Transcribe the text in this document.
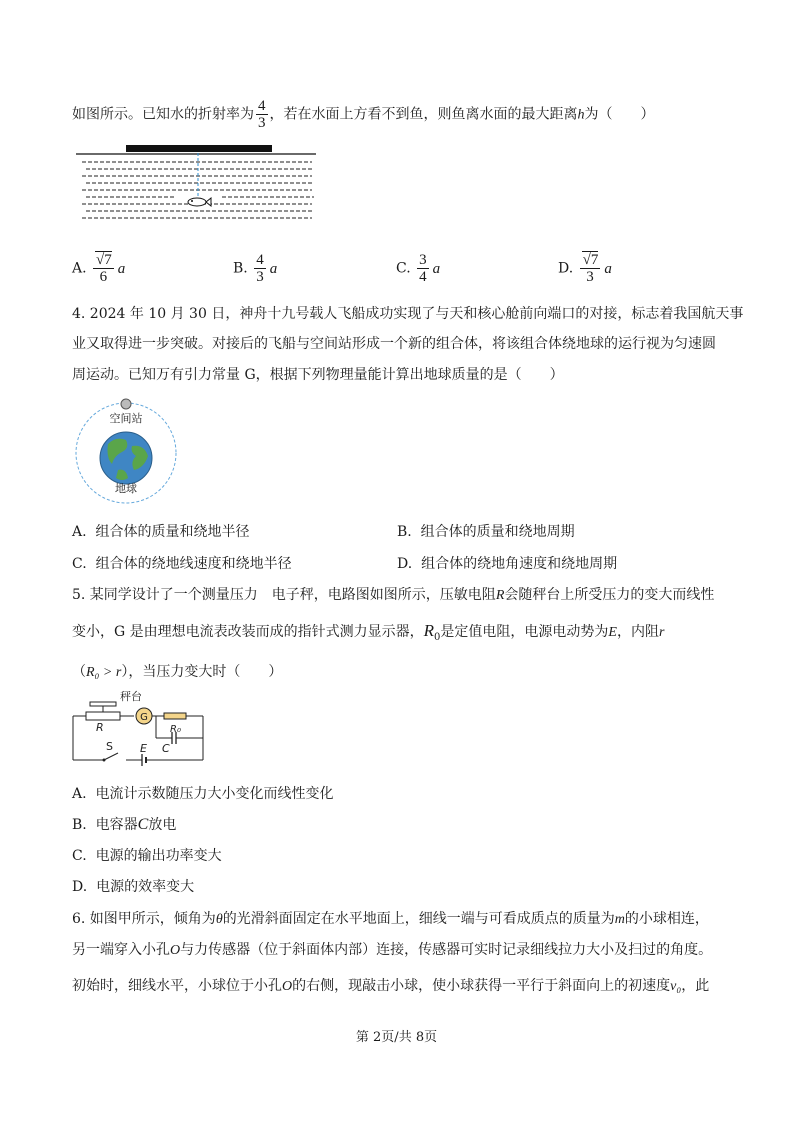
如图所示。已知水的折射率为 $\frac{4}{3}$ ，若在水面上方看不到鱼，则鱼离水面的最大距离h为（　　）
A. $\frac{√7}{6}$ a	B. $\frac{4}{3}$ a	C. $\frac{3}{4}$ a	D. $\frac{√7}{3}$ a
4. 2024 年 10 月 30 日，神舟十九号载人飞船成功实现了与天和核心舱前向端口的对接，标志着我国航天事
业又取得进一步突破。对接后的飞船与空间站形成一个新的组合体，将该组合体绕地球的运行视为匀速圆
周运动。已知万有引力常量 G，根据下列物理量能计算出地球质量的是（　　）
空间站
地球
A. 组合体的质量和绕地半径	B. 组合体的质量和绕地周期
C. 组合体的绕地线速度和绕地半径	D. 组合体的绕地角速度和绕地周期
5. 某同学设计了一个测量压力　电子秤，电路图如图所示，压敏电阻R会随秤台上所受压力的变大而线性
变小，G 是由理想电流表改装而成的指针式测力显示器，$R_0$是定值电阻，电源电动势为E，内阻r
（R₀ > r），当压力变大时（　　）
秤台
R
G
R₀
C
S E
A. 电流计示数随压力大小变化而线性变化
B. 电容器C放电
C. 电源的输出功率变大
D. 电源的效率变大
6. 如图甲所示，倾角为θ的光滑斜面固定在水平地面上，细线一端与可看成质点的质量为m的小球相连，
另一端穿入小孔O与力传感器（位于斜面体内部）连接，传感器可实时记录细线拉力大小及扫过的角度。
初始时，细线水平，小球位于小孔O的右侧，现敲击小球，使小球获得一平行于斜面向上的初速度v₀，此
第 2页/共 8页
